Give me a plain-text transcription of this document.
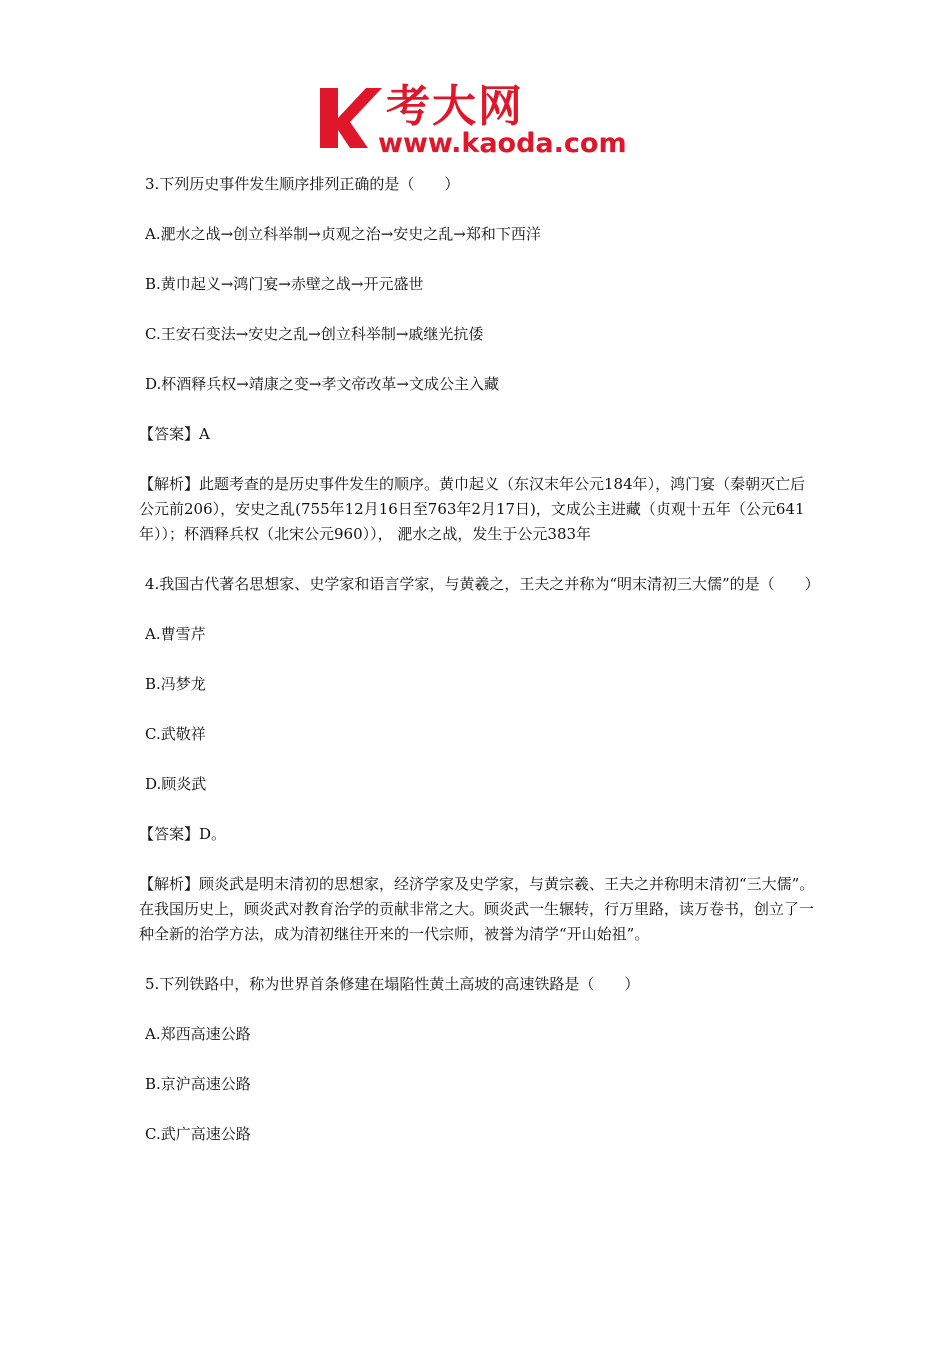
考大网
www.kaoda.com

3.下列历史事件发生顺序排列正确的是（　　）

A.淝水之战→创立科举制→贞观之治→安史之乱→郑和下西洋

B.黄巾起义→鸿门宴→赤壁之战→开元盛世

C.王安石变法→安史之乱→创立科举制→戚继光抗倭

D.杯酒释兵权→靖康之变→孝文帝改革→文成公主入藏

【答案】A

【解析】此题考查的是历史事件发生的顺序。黄巾起义（东汉末年公元184年），鸿门宴（秦朝灭亡后公元前206），安史之乱(755年12月16日至763年2月17日)，文成公主进藏（贞观十五年（公元641年））；杯酒释兵权（北宋公元960））， 淝水之战，发生于公元383年

4.我国古代著名思想家、史学家和语言学家，与黄羲之，王夫之并称为“明末清初三大儒”的是（　　）

A.曹雪芹

B.冯梦龙

C.武敬祥

D.顾炎武

【答案】D。

【解析】顾炎武是明末清初的思想家，经济学家及史学家，与黄宗羲、王夫之并称明末清初“三大儒”。在我国历史上，顾炎武对教育治学的贡献非常之大。顾炎武一生辗转，行万里路，读万卷书，创立了一种全新的治学方法，成为清初继往开来的一代宗师，被誉为清学“开山始祖”。

5.下列铁路中，称为世界首条修建在塌陷性黄土高坡的高速铁路是（　　）

A.郑西高速公路

B.京沪高速公路

C.武广高速公路
